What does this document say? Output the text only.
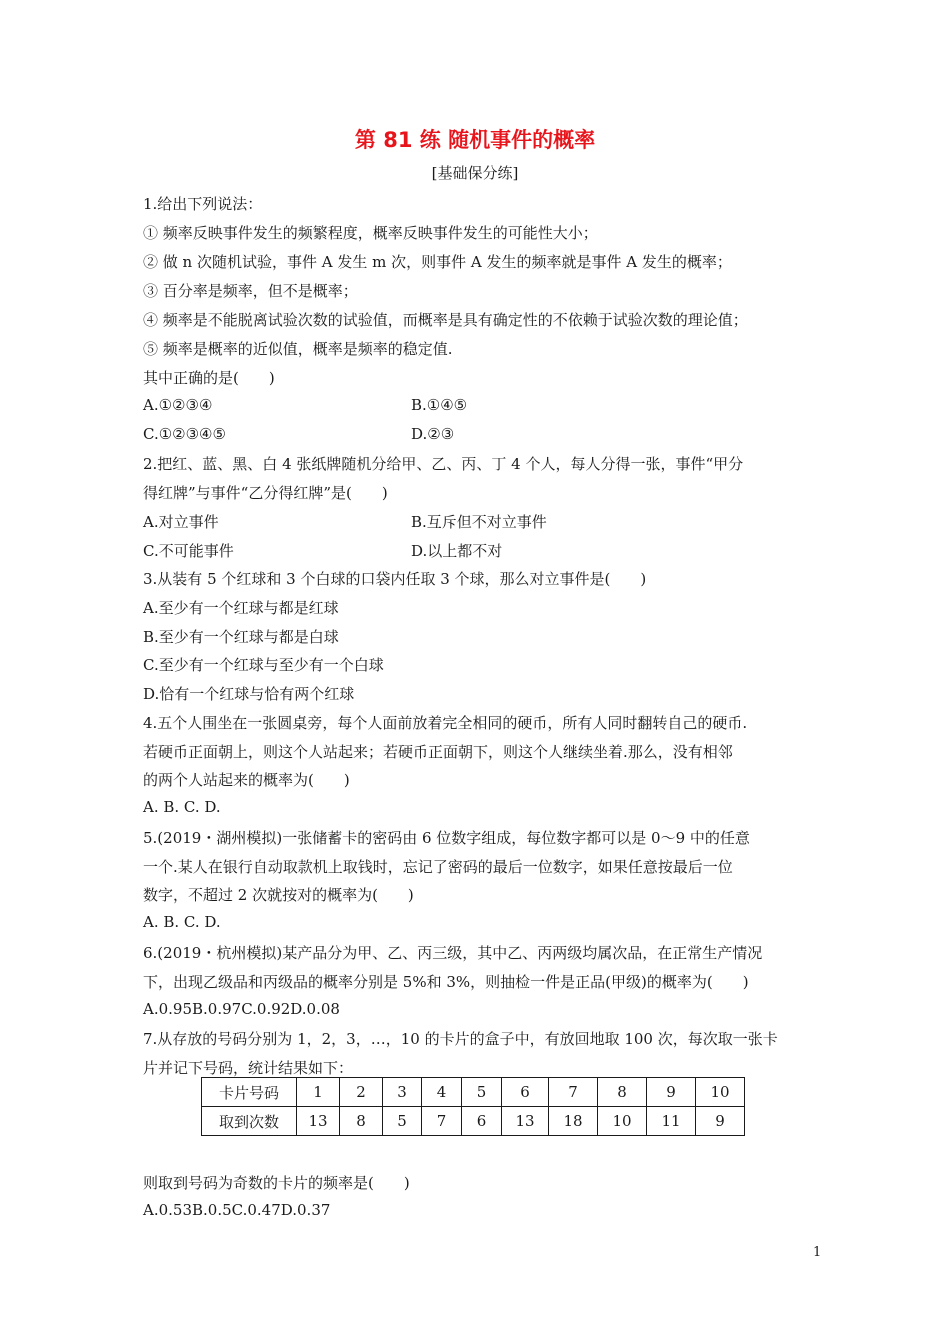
第 81 练 随机事件的概率
[基础保分练]
1.给出下列说法：
① 频率反映事件发生的频繁程度，概率反映事件发生的可能性大小；
② 做 n 次随机试验，事件 A 发生 m 次，则事件 A 发生的频率就是事件 A 发生的概率；
③ 百分率是频率，但不是概率；
④ 频率是不能脱离试验次数的试验值，而概率是具有确定性的不依赖于试验次数的理论值；
⑤ 频率是概率的近似值，概率是频率的稳定值.
其中正确的是(　　)
A.①②③④	B.①④⑤
C.①②③④⑤	D.②③
2.把红、蓝、黑、白 4 张纸牌随机分给甲、乙、丙、丁 4 个人，每人分得一张，事件“甲分
得红牌”与事件“乙分得红牌”是(　　)
A.对立事件	B.互斥但不对立事件
C.不可能事件	D.以上都不对
3.从装有 5 个红球和 3 个白球的口袋内任取 3 个球，那么对立事件是(　　)
A.至少有一个红球与都是红球
B.至少有一个红球与都是白球
C.至少有一个红球与至少有一个白球
D.恰有一个红球与恰有两个红球
4.五个人围坐在一张圆桌旁，每个人面前放着完全相同的硬币，所有人同时翻转自己的硬币.
若硬币正面朝上，则这个人站起来；若硬币正面朝下，则这个人继续坐着.那么，没有相邻
的两个人站起来的概率为(　　)
A. B. C. D.
5.(2019・湖州模拟)一张储蓄卡的密码由 6 位数字组成，每位数字都可以是 0～9 中的任意
一个.某人在银行自动取款机上取钱时，忘记了密码的最后一位数字，如果任意按最后一位
数字，不超过 2 次就按对的概率为(　　)
A. B. C. D.
6.(2019・杭州模拟)某产品分为甲、乙、丙三级，其中乙、丙两级均属次品，在正常生产情况
下，出现乙级品和丙级品的概率分别是 5%和 3%，则抽检一件是正品(甲级)的概率为(　　)
A.0.95B.0.97C.0.92D.0.08
7.从存放的号码分别为 1，2，3，…，10 的卡片的盒子中，有放回地取 100 次，每次取一张卡
片并记下号码，统计结果如下：
卡片号码	1	2	3	4	5	6	7	8	9	10
取到次数	13	8	5	7	6	13	18	10	11	9
则取到号码为奇数的卡片的频率是(　　)
A.0.53B.0.5C.0.47D.0.37
1
